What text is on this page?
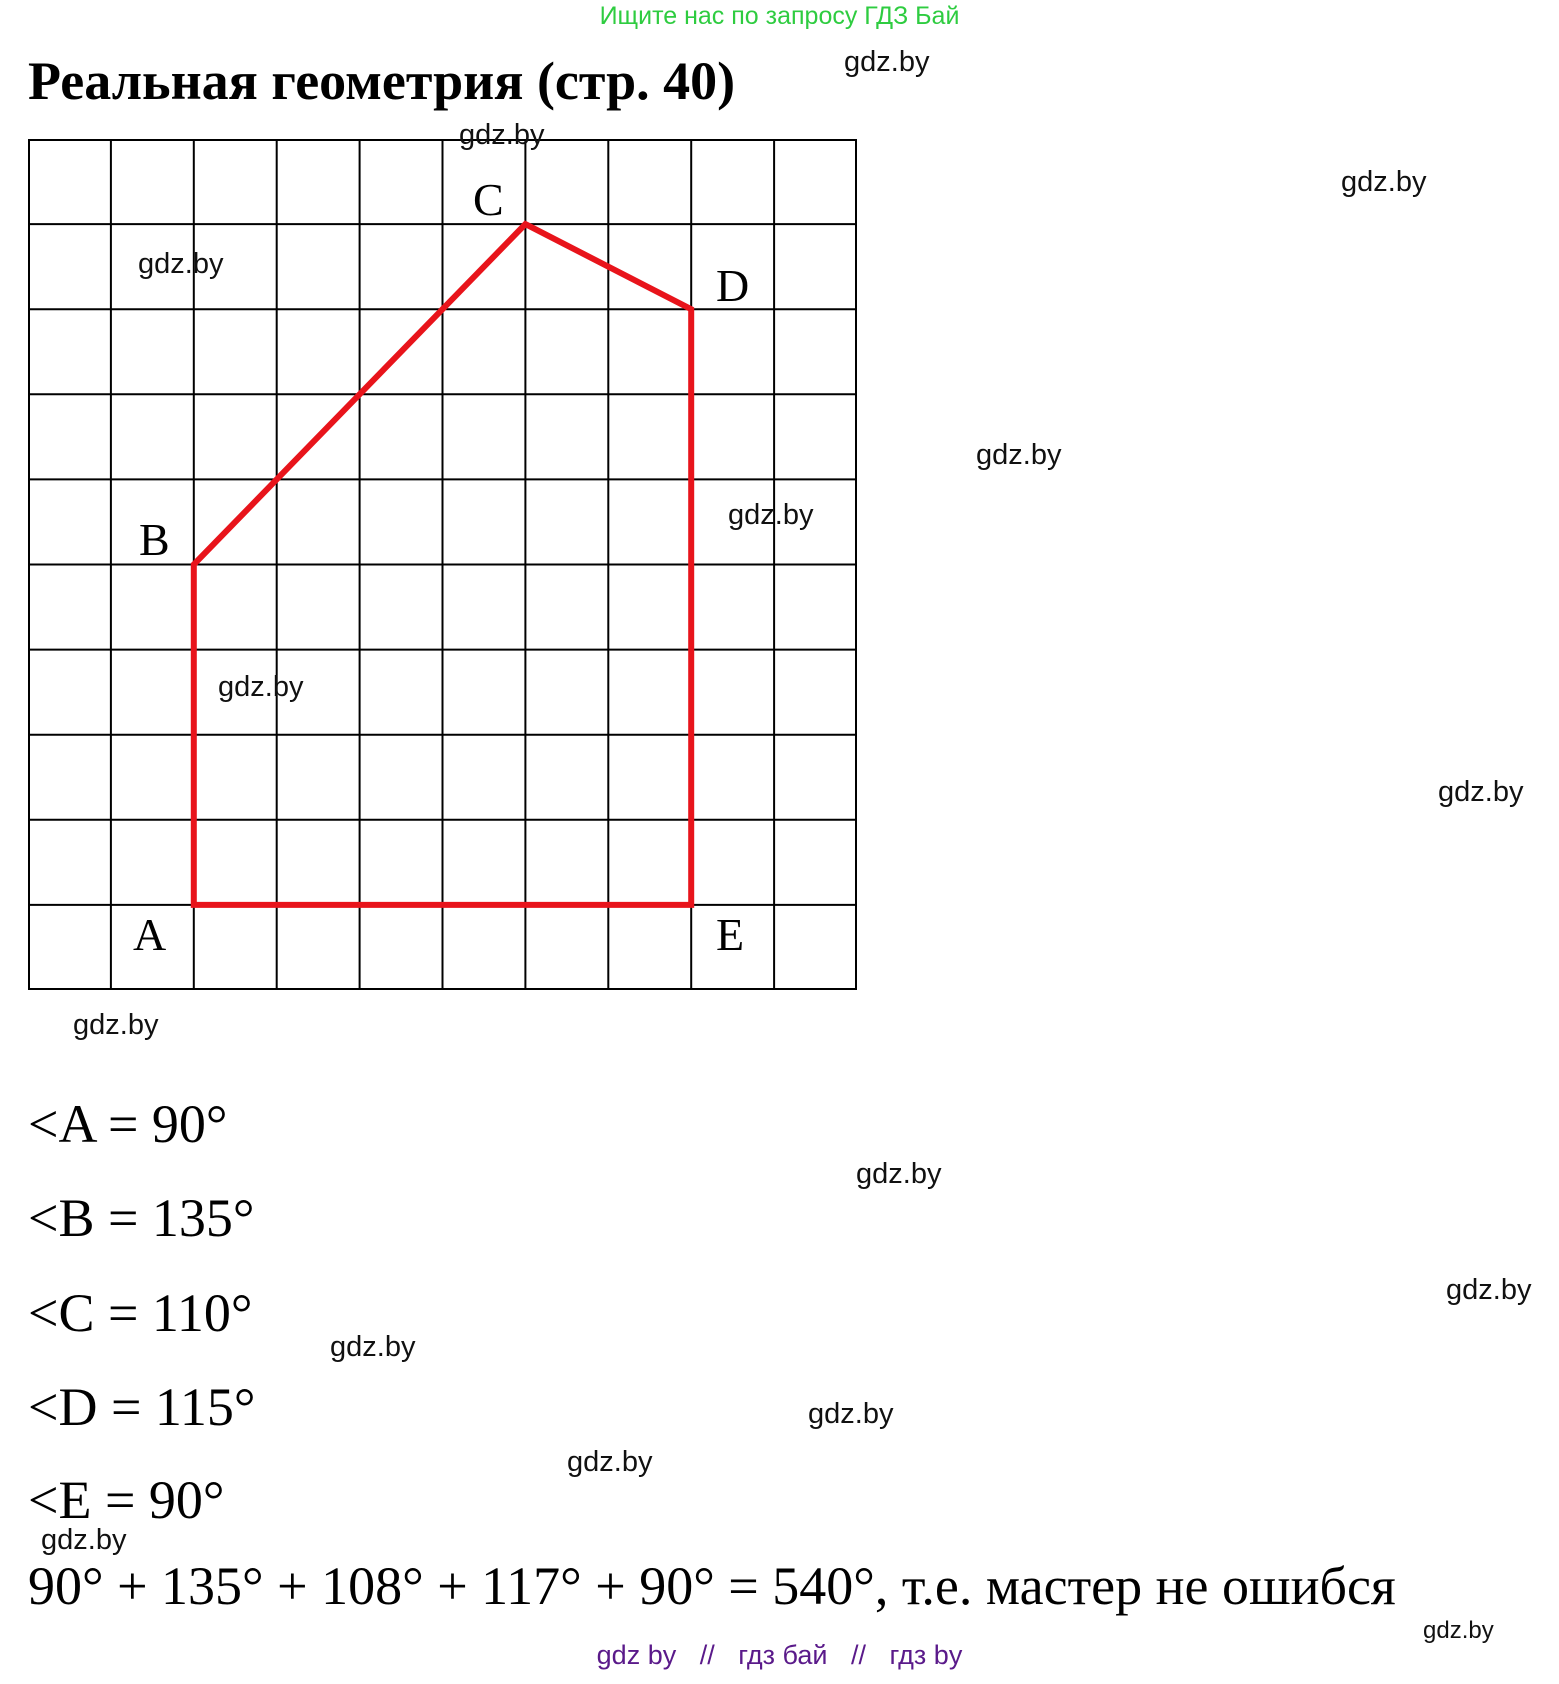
Ищите нас по запросу ГДЗ Бай
Реальная геометрия (стр. 40)
C
D
B
A	E
gdz.by
gdz.by
gdz.by
gdz.by
gdz.by
gdz.by
gdz.by
gdz.by
gdz.by
gdz.by
gdz.by
gdz.by
gdz.by
gdz.by
gdz.by
gdz.by
<A = 90°
<B = 135°
<C = 110°
<D = 115°
<E = 90°
90° + 135° + 108° + 117° + 90° = 540°, т.е. мастер не ошибся
gdz by // гдз бай // гдз by
